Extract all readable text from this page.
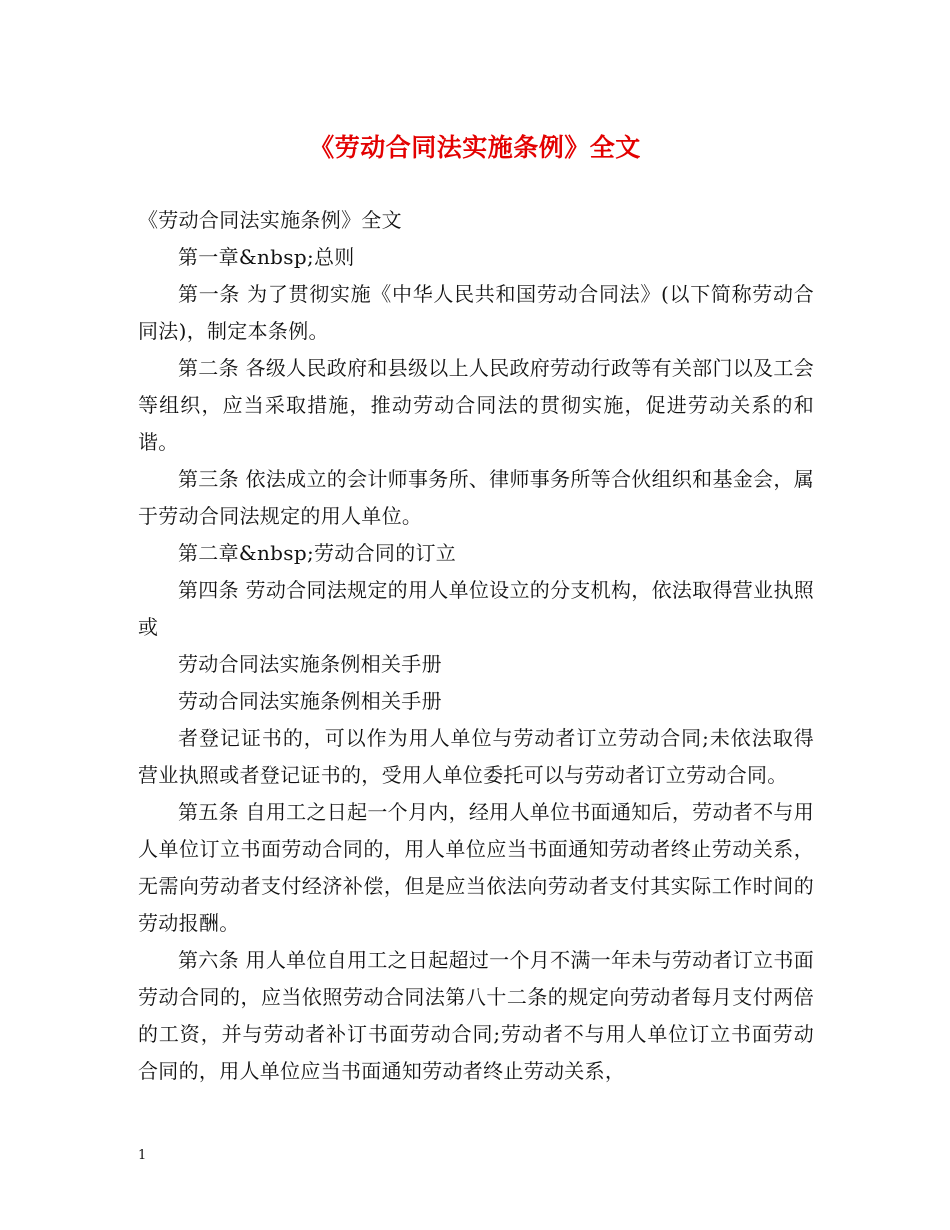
《劳动合同法实施条例》全文

《劳动合同法实施条例》全文

第一章&nbsp;总则

第一条 为了贯彻实施《中华人民共和国劳动合同法》(以下简称劳动合同法)，制定本条例。

第二条 各级人民政府和县级以上人民政府劳动行政等有关部门以及工会等组织，应当采取措施，推动劳动合同法的贯彻实施，促进劳动关系的和谐。

第三条 依法成立的会计师事务所、律师事务所等合伙组织和基金会，属于劳动合同法规定的用人单位。

第二章&nbsp;劳动合同的订立

第四条 劳动合同法规定的用人单位设立的分支机构，依法取得营业执照或

劳动合同法实施条例相关手册

劳动合同法实施条例相关手册

者登记证书的，可以作为用人单位与劳动者订立劳动合同;未依法取得营业执照或者登记证书的，受用人单位委托可以与劳动者订立劳动合同。

第五条 自用工之日起一个月内，经用人单位书面通知后，劳动者不与用人单位订立书面劳动合同的，用人单位应当书面通知劳动者终止劳动关系，无需向劳动者支付经济补偿，但是应当依法向劳动者支付其实际工作时间的劳动报酬。

第六条 用人单位自用工之日起超过一个月不满一年未与劳动者订立书面劳动合同的，应当依照劳动合同法第八十二条的规定向劳动者每月支付两倍的工资，并与劳动者补订书面劳动合同;劳动者不与用人单位订立书面劳动合同的，用人单位应当书面通知劳动者终止劳动关系，

1
